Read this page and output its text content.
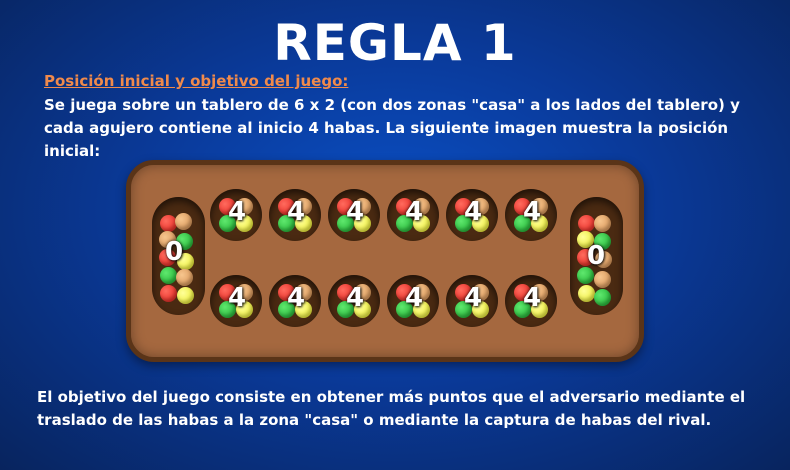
REGLA 1
Posición inicial y objetivo del juego:
Se juega sobre un tablero de 6 x 2 (con dos zonas "casa" a los lados del tablero) y cada agujero contiene al inicio 4 habas. La siguiente imagen muestra la posición inicial:
0
4 4 4 4 4 4
4 4 4 4 4 4
0
El objetivo del juego consiste en obtener más puntos que el adversario mediante el traslado de las habas a la zona "casa" o mediante la captura de habas del rival.
